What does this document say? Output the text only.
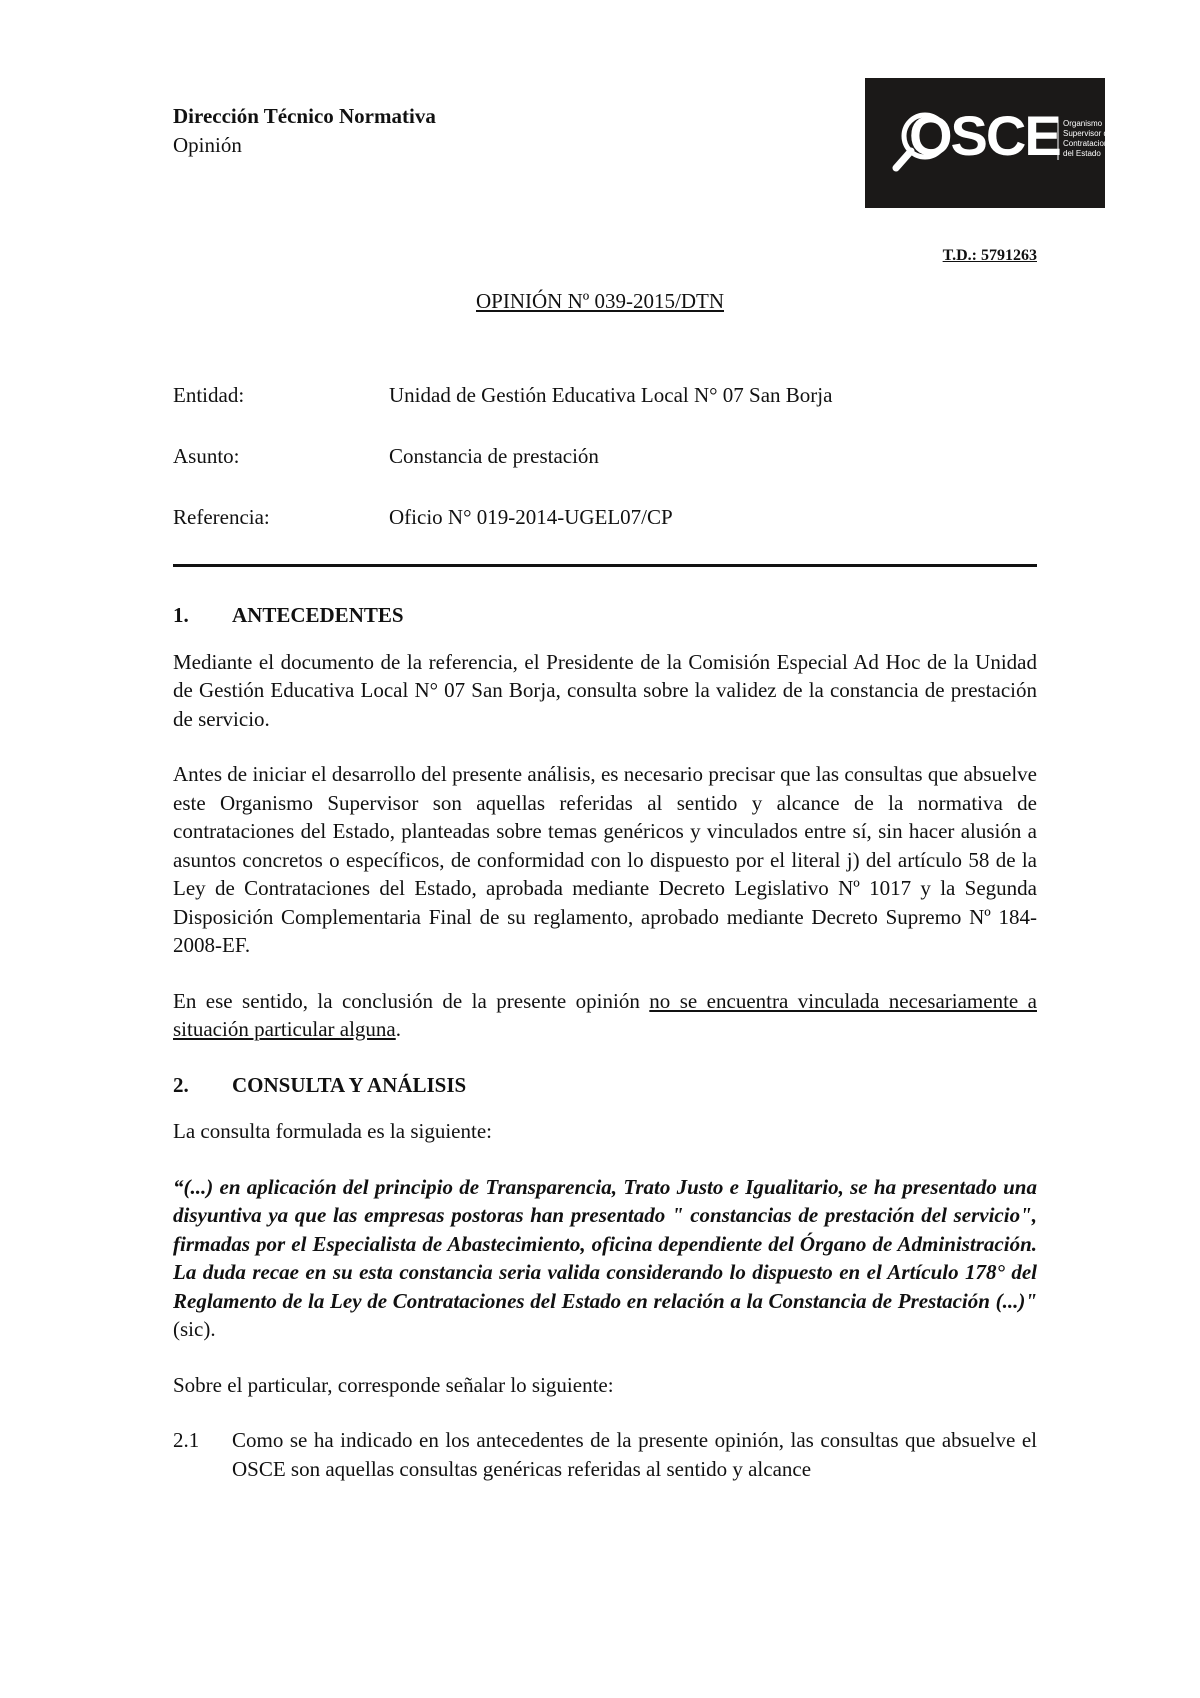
Dirección Técnico Normativa
Opinión	OSCE Organismo Supervisor de las Contrataciones del Estado
T.D.: 5791263
OPINIÓN Nº 039-2015/DTN
Entidad:	Unidad de Gestión Educativa Local N° 07 San Borja
Asunto:	Constancia de prestación
Referencia:	Oficio N° 019-2014-UGEL07/CP
1.	ANTECEDENTES

Mediante el documento de la referencia, el Presidente de la Comisión Especial Ad Hoc de la Unidad de Gestión Educativa Local N° 07 San Borja, consulta sobre la validez de la constancia de prestación de servicio.

Antes de iniciar el desarrollo del presente análisis, es necesario precisar que las consultas que absuelve este Organismo Supervisor son aquellas referidas al sentido y alcance de la normativa de contrataciones del Estado, planteadas sobre temas genéricos y vinculados entre sí, sin hacer alusión a asuntos concretos o específicos, de conformidad con lo dispuesto por el literal j) del artículo 58 de la Ley de Contrataciones del Estado, aprobada mediante Decreto Legislativo Nº 1017 y la Segunda Disposición Complementaria Final de su reglamento, aprobado mediante Decreto Supremo Nº 184-2008-EF.

En ese sentido, la conclusión de la presente opinión no se encuentra vinculada necesariamente a situación particular alguna.

2.	CONSULTA Y ANÁLISIS

La consulta formulada es la siguiente:

“(...) en aplicación del principio de Transparencia, Trato Justo e Igualitario, se ha presentado una disyuntiva ya que las empresas postoras han presentado " constancias de prestación del servicio", firmadas por el Especialista de Abastecimiento, oficina dependiente del Órgano de Administración. La duda recae en su esta constancia seria valida considerando lo dispuesto en el Artículo 178° del Reglamento de la Ley de Contrataciones del Estado en relación a la Constancia de Prestación (...)" (sic).

Sobre el particular, corresponde señalar lo siguiente:

2.1	Como se ha indicado en los antecedentes de la presente opinión, las consultas que absuelve el OSCE son aquellas consultas genéricas referidas al sentido y alcance
